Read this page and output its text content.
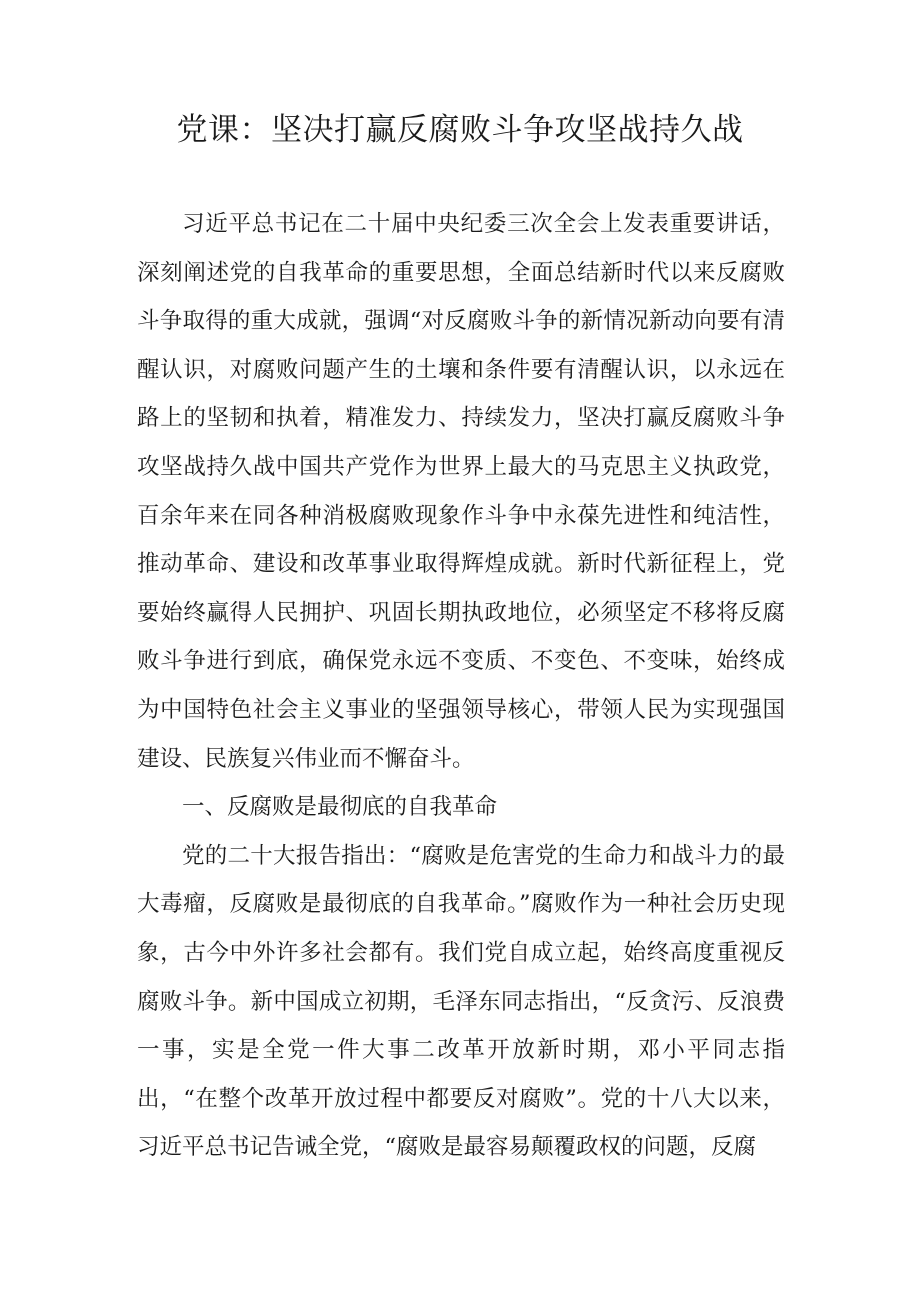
党课：坚决打赢反腐败斗争攻坚战持久战

习近平总书记在二十届中央纪委三次全会上发表重要讲话，深刻阐述党的自我革命的重要思想，全面总结新时代以来反腐败斗争取得的重大成就，强调“对反腐败斗争的新情况新动向要有清醒认识，对腐败问题产生的土壤和条件要有清醒认识，以永远在路上的坚韧和执着，精准发力、持续发力，坚决打赢反腐败斗争攻坚战持久战中国共产党作为世界上最大的马克思主义执政党，百余年来在同各种消极腐败现象作斗争中永葆先进性和纯洁性，推动革命、建设和改革事业取得辉煌成就。新时代新征程上，党要始终赢得人民拥护、巩固长期执政地位，必须坚定不移将反腐败斗争进行到底，确保党永远不变质、不变色、不变味，始终成为中国特色社会主义事业的坚强领导核心，带领人民为实现强国建设、民族复兴伟业而不懈奋斗。

一、反腐败是最彻底的自我革命

党的二十大报告指出：“腐败是危害党的生命力和战斗力的最大毒瘤，反腐败是最彻底的自我革命。”腐败作为一种社会历史现象，古今中外许多社会都有。我们党自成立起，始终高度重视反腐败斗争。新中国成立初期，毛泽东同志指出，“反贪污、反浪费一事，实是全党一件大事二改革开放新时期，邓小平同志指出，“在整个改革开放过程中都要反对腐败”。党的十八大以来，习近平总书记告诫全党，“腐败是最容易颠覆政权的问题，反腐
